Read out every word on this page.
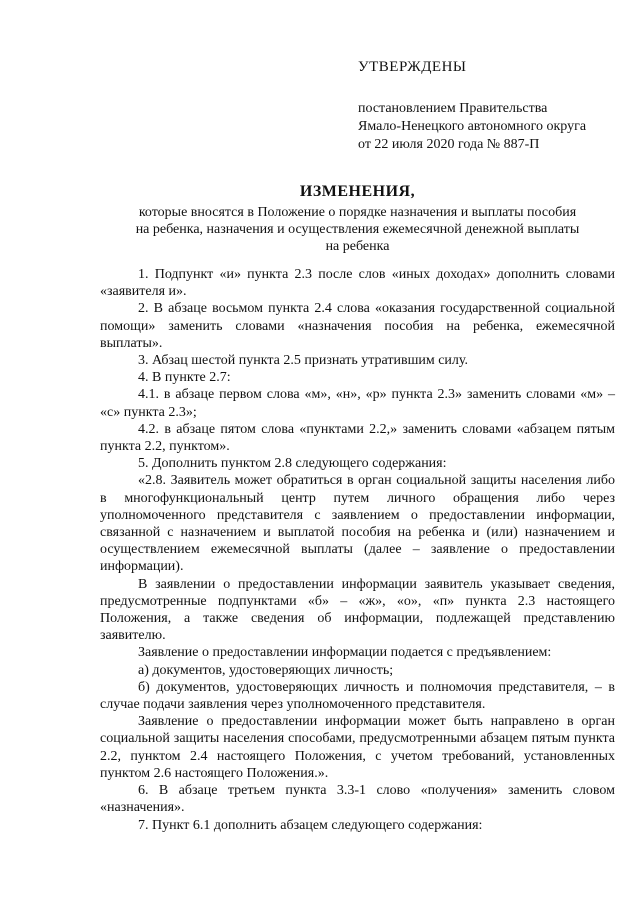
УТВЕРЖДЕНЫ
постановлением Правительства
Ямало-Ненецкого автономного округа
от 22 июля 2020 года № 887-П
ИЗМЕНЕНИЯ,
которые вносятся в Положение о порядке назначения и выплаты пособия
на ребенка, назначения и осуществления ежемесячной денежной выплаты
на ребенка

1. Подпункт «и» пункта 2.3 после слов «иных доходах» дополнить словами «заявителя и».

2. В абзаце восьмом пункта 2.4 слова «оказания государственной социальной помощи» заменить словами «назначения пособия на ребенка, ежемесячной выплаты».

3. Абзац шестой пункта 2.5 признать утратившим силу.

4. В пункте 2.7:

4.1. в абзаце первом слова «м», «н», «р» пункта 2.3» заменить словами «м» – «с» пункта 2.3»;

4.2. в абзаце пятом слова «пунктами 2.2,» заменить словами «абзацем пятым пункта 2.2, пунктом».

5. Дополнить пунктом 2.8 следующего содержания:

«2.8. Заявитель может обратиться в орган социальной защиты населения либо в многофункциональный центр путем личного обращения либо через уполномоченного представителя с заявлением о предоставлении информации, связанной с назначением и выплатой пособия на ребенка и (или) назначением и осуществлением ежемесячной выплаты (далее – заявление о предоставлении информации).

В заявлении о предоставлении информации заявитель указывает сведения, предусмотренные подпунктами «б» – «ж», «о», «п» пункта 2.3 настоящего Положения, а также сведения об информации, подлежащей представлению заявителю.

Заявление о предоставлении информации подается с предъявлением:

а) документов, удостоверяющих личность;

б) документов, удостоверяющих личность и полномочия представителя, – в случае подачи заявления через уполномоченного представителя.

Заявление о предоставлении информации может быть направлено в орган социальной защиты населения способами, предусмотренными абзацем пятым пункта 2.2, пунктом 2.4 настоящего Положения, с учетом требований, установленных пунктом 2.6 настоящего Положения.».

6. В абзаце третьем пункта 3.3-1 слово «получения» заменить словом «назначения».

7. Пункт 6.1 дополнить абзацем следующего содержания:
